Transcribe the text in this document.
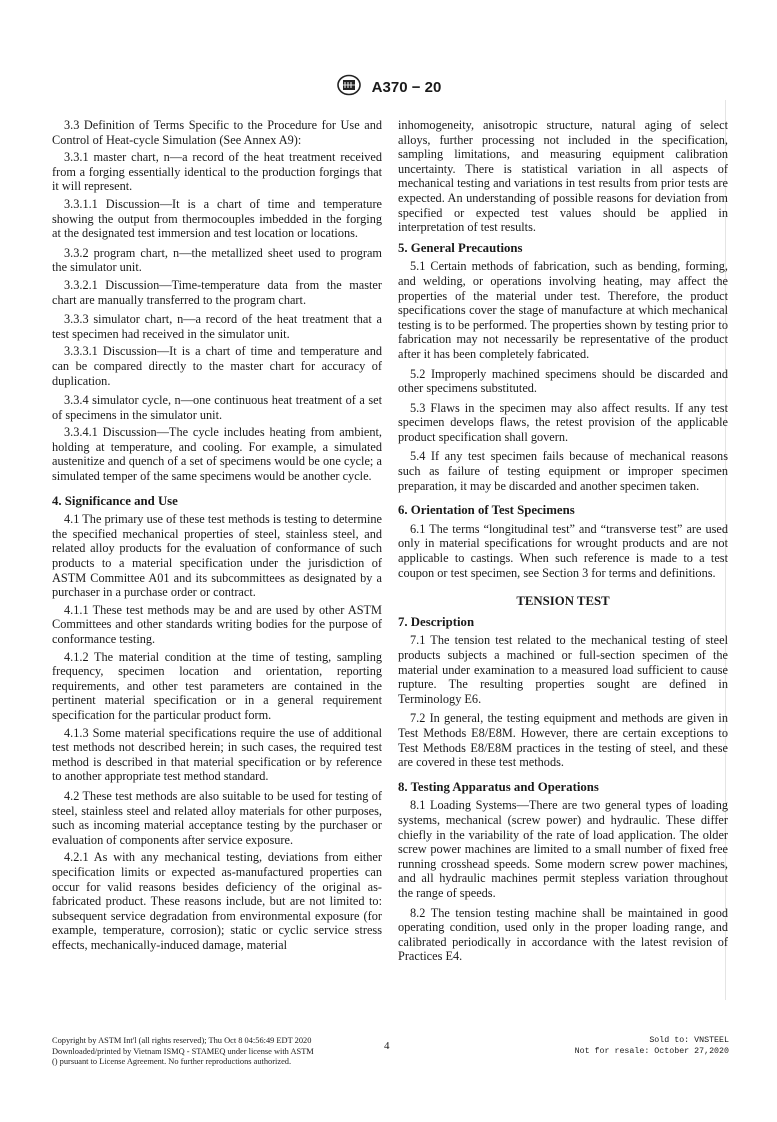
A370 − 20

3.3 Definition of Terms Specific to the Procedure for Use and Control of Heat-cycle Simulation (See Annex A9):

3.3.1 master chart, n—a record of the heat treatment received from a forging essentially identical to the production forgings that it will represent.

3.3.1.1 Discussion—It is a chart of time and temperature showing the output from thermocouples imbedded in the forging at the designated test immersion and test location or locations.

3.3.2 program chart, n—the metallized sheet used to program the simulator unit.

3.3.2.1 Discussion—Time-temperature data from the master chart are manually transferred to the program chart.

3.3.3 simulator chart, n—a record of the heat treatment that a test specimen had received in the simulator unit.

3.3.3.1 Discussion—It is a chart of time and temperature and can be compared directly to the master chart for accuracy of duplication.

3.3.4 simulator cycle, n—one continuous heat treatment of a set of specimens in the simulator unit.

3.3.4.1 Discussion—The cycle includes heating from ambient, holding at temperature, and cooling. For example, a simulated austenitize and quench of a set of specimens would be one cycle; a simulated temper of the same specimens would be another cycle.

4. Significance and Use

4.1 The primary use of these test methods is testing to determine the specified mechanical properties of steel, stainless steel, and related alloy products for the evaluation of conformance of such products to a material specification under the jurisdiction of ASTM Committee A01 and its subcommittees as designated by a purchaser in a purchase order or contract.

4.1.1 These test methods may be and are used by other ASTM Committees and other standards writing bodies for the purpose of conformance testing.

4.1.2 The material condition at the time of testing, sampling frequency, specimen location and orientation, reporting requirements, and other test parameters are contained in the pertinent material specification or in a general requirement specification for the particular product form.

4.1.3 Some material specifications require the use of additional test methods not described herein; in such cases, the required test method is described in that material specification or by reference to another appropriate test method standard.

4.2 These test methods are also suitable to be used for testing of steel, stainless steel and related alloy materials for other purposes, such as incoming material acceptance testing by the purchaser or evaluation of components after service exposure.

4.2.1 As with any mechanical testing, deviations from either specification limits or expected as-manufactured properties can occur for valid reasons besides deficiency of the original as-fabricated product. These reasons include, but are not limited to: subsequent service degradation from environmental exposure (for example, temperature, corrosion); static or cyclic service stress effects, mechanically-induced damage, material

inhomogeneity, anisotropic structure, natural aging of select alloys, further processing not included in the specification, sampling limitations, and measuring equipment calibration uncertainty. There is statistical variation in all aspects of mechanical testing and variations in test results from prior tests are expected. An understanding of possible reasons for deviation from specified or expected test values should be applied in interpretation of test results.

5. General Precautions

5.1 Certain methods of fabrication, such as bending, forming, and welding, or operations involving heating, may affect the properties of the material under test. Therefore, the product specifications cover the stage of manufacture at which mechanical testing is to be performed. The properties shown by testing prior to fabrication may not necessarily be representative of the product after it has been completely fabricated.

5.2 Improperly machined specimens should be discarded and other specimens substituted.

5.3 Flaws in the specimen may also affect results. If any test specimen develops flaws, the retest provision of the applicable product specification shall govern.

5.4 If any test specimen fails because of mechanical reasons such as failure of testing equipment or improper specimen preparation, it may be discarded and another specimen taken.

6. Orientation of Test Specimens

6.1 The terms “longitudinal test” and “transverse test” are used only in material specifications for wrought products and are not applicable to castings. When such reference is made to a test coupon or test specimen, see Section 3 for terms and definitions.

TENSION TEST
7. Description

7.1 The tension test related to the mechanical testing of steel products subjects a machined or full-section specimen of the material under examination to a measured load sufficient to cause rupture. The resulting properties sought are defined in Terminology E6.

7.2 In general, the testing equipment and methods are given in Test Methods E8/E8M. However, there are certain exceptions to Test Methods E8/E8M practices in the testing of steel, and these are covered in these test methods.

8. Testing Apparatus and Operations

8.1 Loading Systems—There are two general types of loading systems, mechanical (screw power) and hydraulic. These differ chiefly in the variability of the rate of load application. The older screw power machines are limited to a small number of fixed free running crosshead speeds. Some modern screw power machines, and all hydraulic machines permit stepless variation throughout the range of speeds.

8.2 The tension testing machine shall be maintained in good operating condition, used only in the proper loading range, and calibrated periodically in accordance with the latest revision of Practices E4.

Copyright by ASTM Int'l (all rights reserved); Thu Oct 8 04:56:49 EDT 2020
Downloaded/printed by Vietnam ISMQ - STAMEQ under license with ASTM
() pursuant to License Agreement. No further reproductions authorized.
4	Sold to: VNSTEEL
Not for resale: October 27,2020
